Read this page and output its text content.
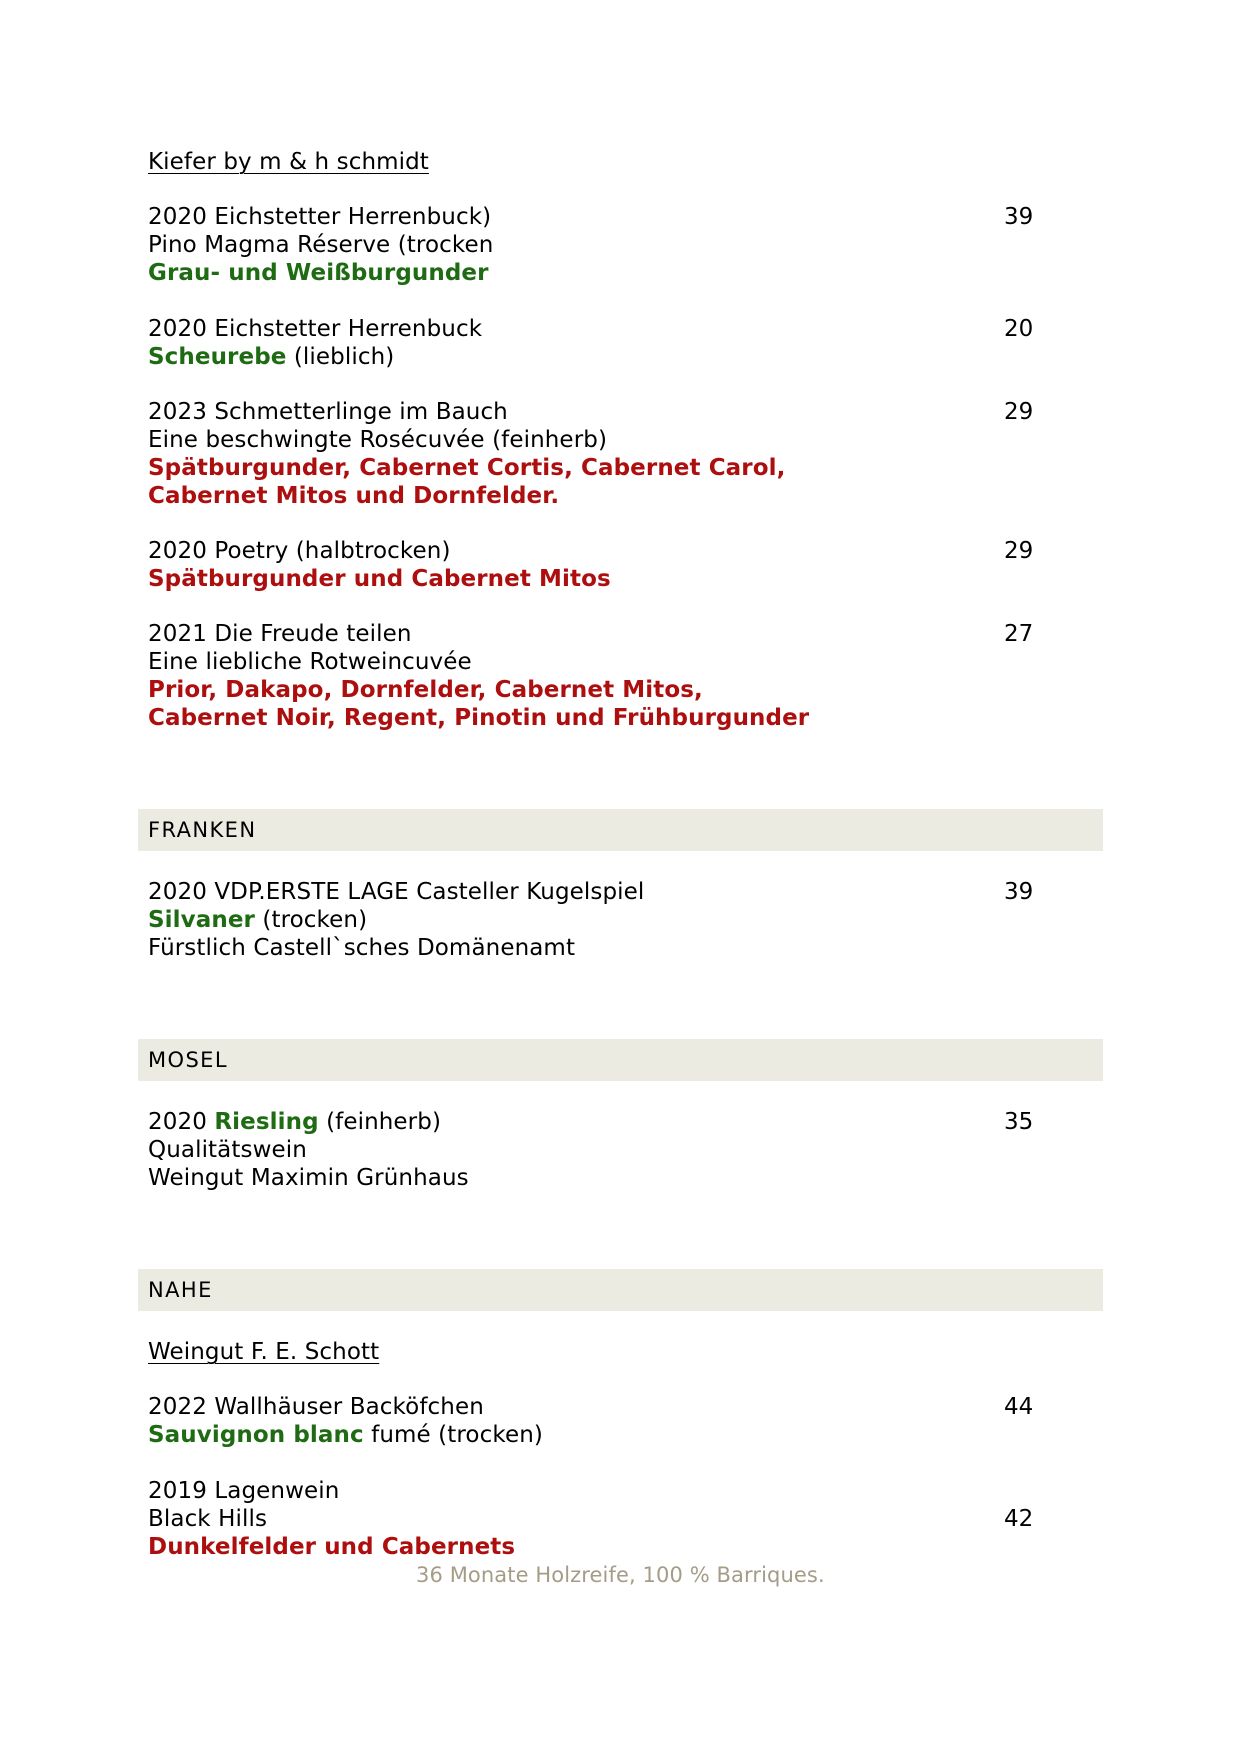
Kiefer by m & h schmidt

2020 Eichstetter Herrenbuck)

Pino Magma Réserve (trocken

Grau- und Weißburgunder

39

2020 Eichstetter Herrenbuck

Scheurebe (lieblich)

20

2023 Schmetterlinge im Bauch

Eine beschwingte Rosécuvée (feinherb)

Spätburgunder, Cabernet Cortis, Cabernet Carol,

Cabernet Mitos und Dornfelder.

29

2020 Poetry (halbtrocken)

Spätburgunder und Cabernet Mitos

29

2021 Die Freude teilen

Eine liebliche Rotweincuvée

Prior, Dakapo, Dornfelder, Cabernet Mitos,

Cabernet Noir, Regent, Pinotin und Frühburgunder

27
FRANKEN

2020 VDP.ERSTE LAGE Casteller Kugelspiel

Silvaner (trocken)

Fürstlich Castell`sches Domänenamt

39
MOSEL

2020 Riesling (feinherb)

Qualitätswein

Weingut Maximin Grünhaus

35
NAHE

Weingut F. E. Schott

2022 Wallhäuser Backöfchen

Sauvignon blanc fumé (trocken)

44

2019 Lagenwein

Black Hills

Dunkelfelder und Cabernets

36 Monate Holzreife, 100 % Barriques.

42
